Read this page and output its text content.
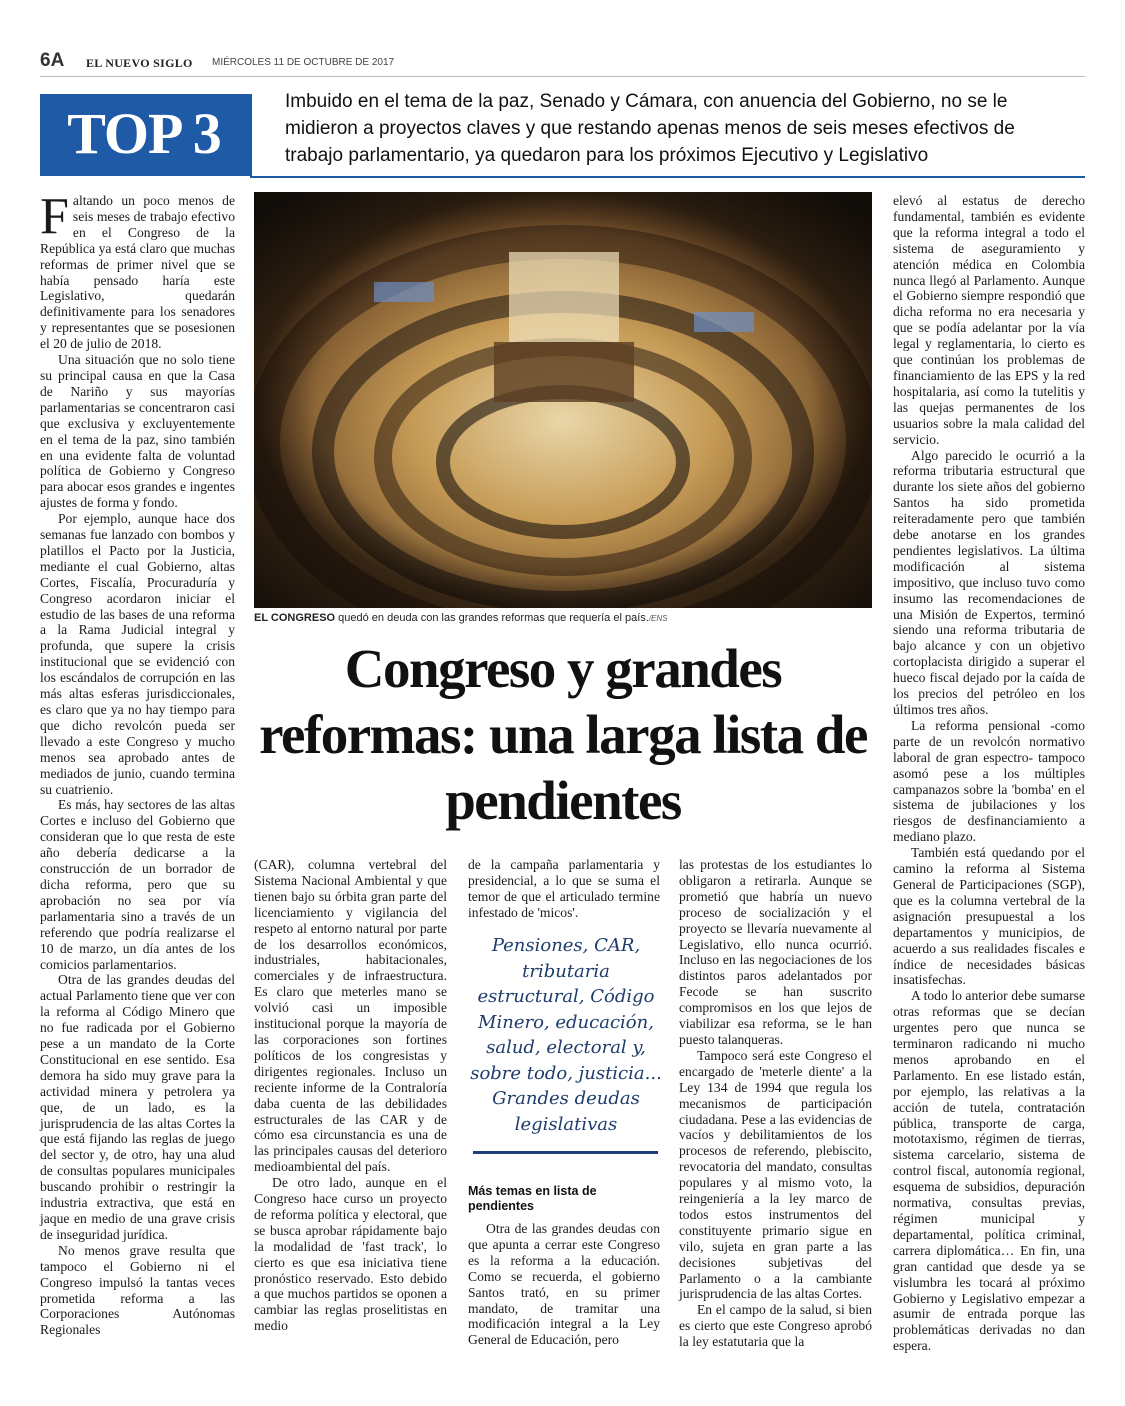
6A EL NUEVO SIGLO MIÉRCOLES 11 DE OCTUBRE DE 2017
TOP 3	Imbuido en el tema de la paz, Senado y Cámara, con anuencia del Gobierno, no se le midieron a proyectos claves y que restando apenas menos de seis meses efectivos de trabajo parlamentario, ya quedaron para los próximos Ejecutivo y Legislativo

Faltando un poco menos de seis meses de trabajo efectivo en el Congreso de la República ya está claro que muchas reformas de primer nivel que se había pensado haría este Legislativo, quedarán definitivamente para los senadores y representantes que se posesionen el 20 de julio de 2018.

Una situación que no solo tiene su principal causa en que la Casa de Nariño y sus mayorías parlamentarias se concentraron casi que exclusiva y excluyentemente en el tema de la paz, sino también en una evidente falta de voluntad política de Gobierno y Congreso para abocar esos grandes e ingentes ajustes de forma y fondo.

Por ejemplo, aunque hace dos semanas fue lanzado con bombos y platillos el Pacto por la Justicia, mediante el cual Gobierno, altas Cortes, Fiscalía, Procuraduría y Congreso acordaron iniciar el estudio de las bases de una reforma a la Rama Judicial integral y profunda, que supere la crisis institucional que se evidenció con los escándalos de corrupción en las más altas esferas jurisdiccionales, es claro que ya no hay tiempo para que dicho revolcón pueda ser llevado a este Congreso y mucho menos sea aprobado antes de mediados de junio, cuando termina su cuatrienio.

Es más, hay sectores de las altas Cortes e incluso del Gobierno que consideran que lo que resta de este año debería dedicarse a la construcción de un borrador de dicha reforma, pero que su aprobación no sea por vía parlamentaria sino a través de un referendo que podría realizarse el 10 de marzo, un día antes de los comicios parlamentarios.

Otra de las grandes deudas del actual Parlamento tiene que ver con la reforma al Código Minero que no fue radicada por el Gobierno pese a un mandato de la Corte Constitucional en ese sentido. Esa demora ha sido muy grave para la actividad minera y petrolera ya que, de un lado, es la jurisprudencia de las altas Cortes la que está fijando las reglas de juego del sector y, de otro, hay una alud de consultas populares municipales buscando prohibir o restringir la industria extractiva, que está en jaque en medio de una grave crisis de inseguridad jurídica.

No menos grave resulta que tampoco el Gobierno ni el Congreso impulsó la tantas veces prometida reforma a las Corporaciones Autónomas Regionales

EL CONGRESO quedó en deuda con las grandes reformas que requería el país./ENS
Congreso y grandes reformas: una larga lista de pendientes

(CAR), columna vertebral del Sistema Nacional Ambiental y que tienen bajo su órbita gran parte del licenciamiento y vigilancia del respeto al entorno natural por parte de los desarrollos económicos, industriales, habitacionales, comerciales y de infraestructura. Es claro que meterles mano se volvió casi un imposible institucional porque la mayoría de las corporaciones son fortines políticos de los congresistas y dirigentes regionales. Incluso un reciente informe de la Contraloría daba cuenta de las debilidades estructurales de las CAR y de cómo esa circunstancia es una de las principales causas del deterioro medioambiental del país.

De otro lado, aunque en el Congreso hace curso un proyecto de reforma política y electoral, que se busca aprobar rápidamente bajo la modalidad de 'fast track', lo cierto es que esa iniciativa tiene pronóstico reservado. Esto debido a que muchos partidos se oponen a cambiar las reglas proselitistas en medio

de la campaña parlamentaria y presidencial, a lo que se suma el temor de que el articulado termine infestado de 'micos'.

Pensiones, CAR, tributaria estructural, Código Minero, educación, salud, electoral y, sobre todo, justicia... Grandes deudas legislativas
Más temas en lista de pendientes

Otra de las grandes deudas con que apunta a cerrar este Congreso es la reforma a la educación. Como se recuerda, el gobierno Santos trató, en su primer mandato, de tramitar una modificación integral a la Ley General de Educación, pero

las protestas de los estudiantes lo obligaron a retirarla. Aunque se prometió que habría un nuevo proceso de socialización y el proyecto se llevaría nuevamente al Legislativo, ello nunca ocurrió. Incluso en las negociaciones de los distintos paros adelantados por Fecode se han suscrito compromisos en los que lejos de viabilizar esa reforma, se le han puesto talanqueras.

Tampoco será este Congreso el encargado de 'meterle diente' a la Ley 134 de 1994 que regula los mecanismos de participación ciudadana. Pese a las evidencias de vacíos y debilitamientos de los procesos de referendo, plebiscito, revocatoria del mandato, consultas populares y al mismo voto, la reingeniería a la ley marco de todos estos instrumentos del constituyente primario sigue en vilo, sujeta en gran parte a las decisiones subjetivas del Parlamento o a la cambiante jurisprudencia de las altas Cortes.

En el campo de la salud, si bien es cierto que este Congreso aprobó la ley estatutaria que la

elevó al estatus de derecho fundamental, también es evidente que la reforma integral a todo el sistema de aseguramiento y atención médica en Colombia nunca llegó al Parlamento. Aunque el Gobierno siempre respondió que dicha reforma no era necesaria y que se podía adelantar por la vía legal y reglamentaria, lo cierto es que continúan los problemas de financiamiento de las EPS y la red hospitalaria, así como la tutelitis y las quejas permanentes de los usuarios sobre la mala calidad del servicio.

Algo parecido le ocurrió a la reforma tributaria estructural que durante los siete años del gobierno Santos ha sido prometida reiteradamente pero que también debe anotarse en los grandes pendientes legislativos. La última modificación al sistema impositivo, que incluso tuvo como insumo las recomendaciones de una Misión de Expertos, terminó siendo una reforma tributaria de bajo alcance y con un objetivo cortoplacista dirigido a superar el hueco fiscal dejado por la caída de los precios del petróleo en los últimos tres años.

La reforma pensional -como parte de un revolcón normativo laboral de gran espectro- tampoco asomó pese a los múltiples campanazos sobre la 'bomba' en el sistema de jubilaciones y los riesgos de desfinanciamiento a mediano plazo.

También está quedando por el camino la reforma al Sistema General de Participaciones (SGP), que es la columna vertebral de la asignación presupuestal a los departamentos y municipios, de acuerdo a sus realidades fiscales e índice de necesidades básicas insatisfechas.

A todo lo anterior debe sumarse otras reformas que se decían urgentes pero que nunca se terminaron radicando ni mucho menos aprobando en el Parlamento. En ese listado están, por ejemplo, las relativas a la acción de tutela, contratación pública, transporte de carga, mototaxismo, régimen de tierras, sistema carcelario, sistema de control fiscal, autonomía regional, esquema de subsidios, depuración normativa, consultas previas, régimen municipal y departamental, política criminal, carrera diplomática… En fin, una gran cantidad que desde ya se vislumbra les tocará al próximo Gobierno y Legislativo empezar a asumir de entrada porque las problemáticas derivadas no dan espera.
